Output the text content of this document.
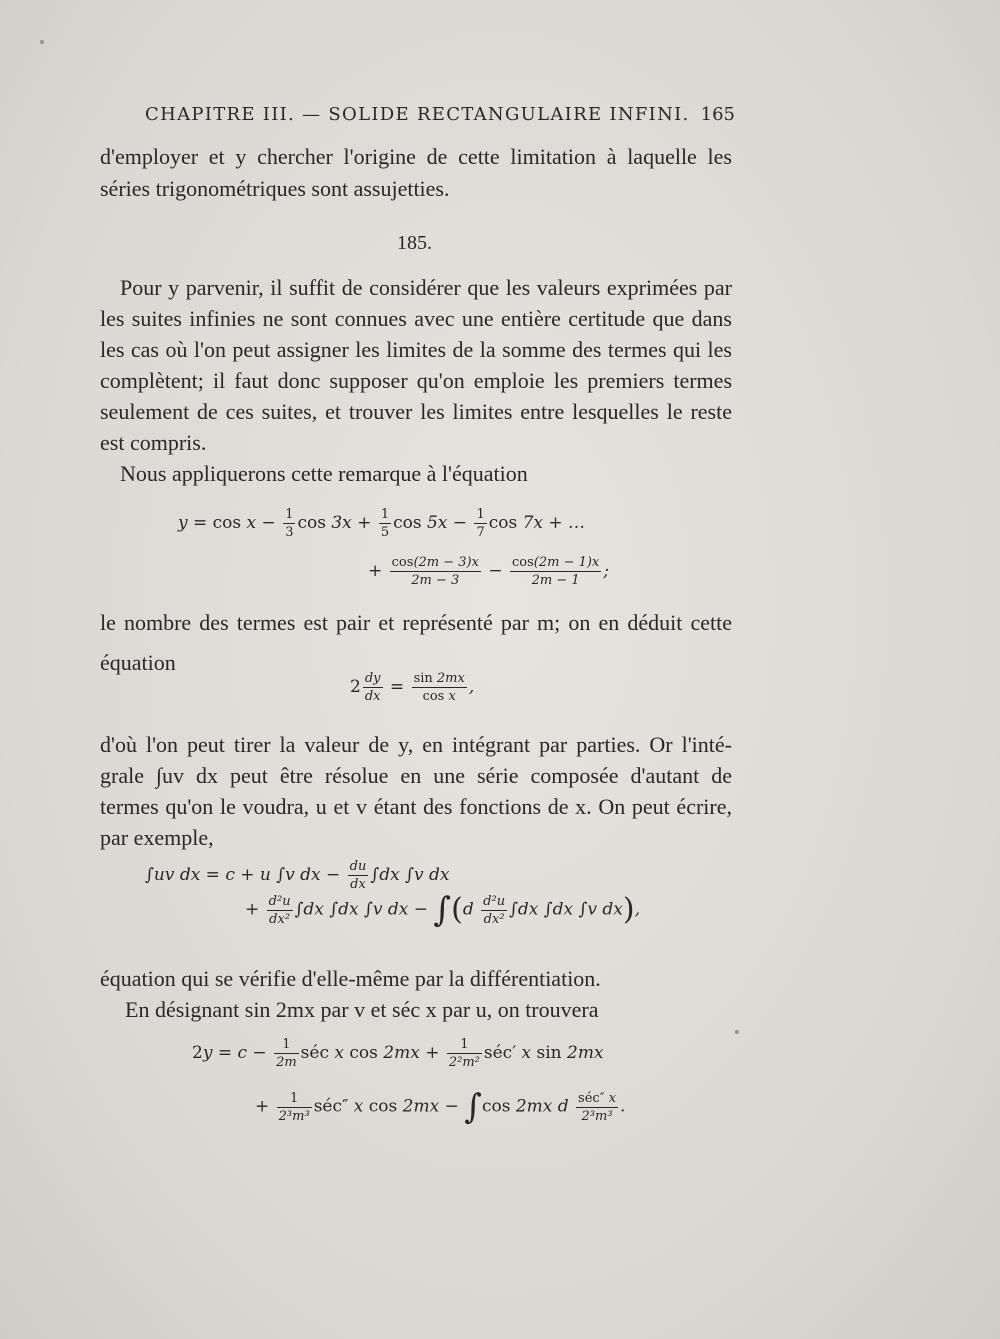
CHAPITRE III. — SOLIDE RECTANGULAIRE INFINI. 165
d'employer et y chercher l'origine de cette limitation à laquelle les
séries trigonométriques sont assujetties.
185.
Pour y parvenir, il suffit de considérer que les valeurs exprimées par
les suites infinies ne sont connues avec une entière certitude que dans
les cas où l'on peut assigner les limites de la somme des termes qui les
complètent; il faut donc supposer qu'on emploie les premiers termes
seulement de ces suites, et trouver les limites entre lesquelles le reste
est compris.
Nous appliquerons cette remarque à l'équation
$y = \cos x - \frac{1}{3}$ $\cos 3x + \frac{1}{5}$ $\cos 5x - \frac{1}{7}$ cos 7x + …
+ $\frac{\cos(2m - 3)x}{2m - 3} - \frac{\cos(2m - 1)x}{2m - 1}$ ;
le nombre des termes est pair et représenté par m; on en déduit cette
équation
$2 \frac{dy}{dx} = \frac{\sin 2mx}{\text{cos x}}$ ,
d'où l'on peut tirer la valeur de y, en intégrant par parties. Or l'inté-
grale ∫uv dx peut être résolue en une série composée d'autant de
termes qu'on le voudra, u et v étant des fonctions de x. On peut écrire,
par exemple,
∫uv dx = c + u ∫v dx − $\frac{du}{dx} \int dx$ ∫v dx
+ $\frac{\text{d²u}}{\text{dx²}} \int dx$ ∫dx ∫v dx − $\int(d \frac{\text{d²u}}{\text{dx²}} \int dx$ ∫dx ∫v dx),
équation qui se vérifie d'elle-même par la différentiation.
En désignant sin 2mx par v et séc x par u, on trouvera
$2y = c - \frac{1}{2m}$ séc x $\cos 2mx + \frac{1}{\text{2²m²}}$ séc′ x sin 2mx
+ $\frac{1}{\text{2³m³}}$ séc″ x cos 2mx − ∫cos 2mx d $\frac{\text{séc″ x}}{\text{2³m³}}$ .
